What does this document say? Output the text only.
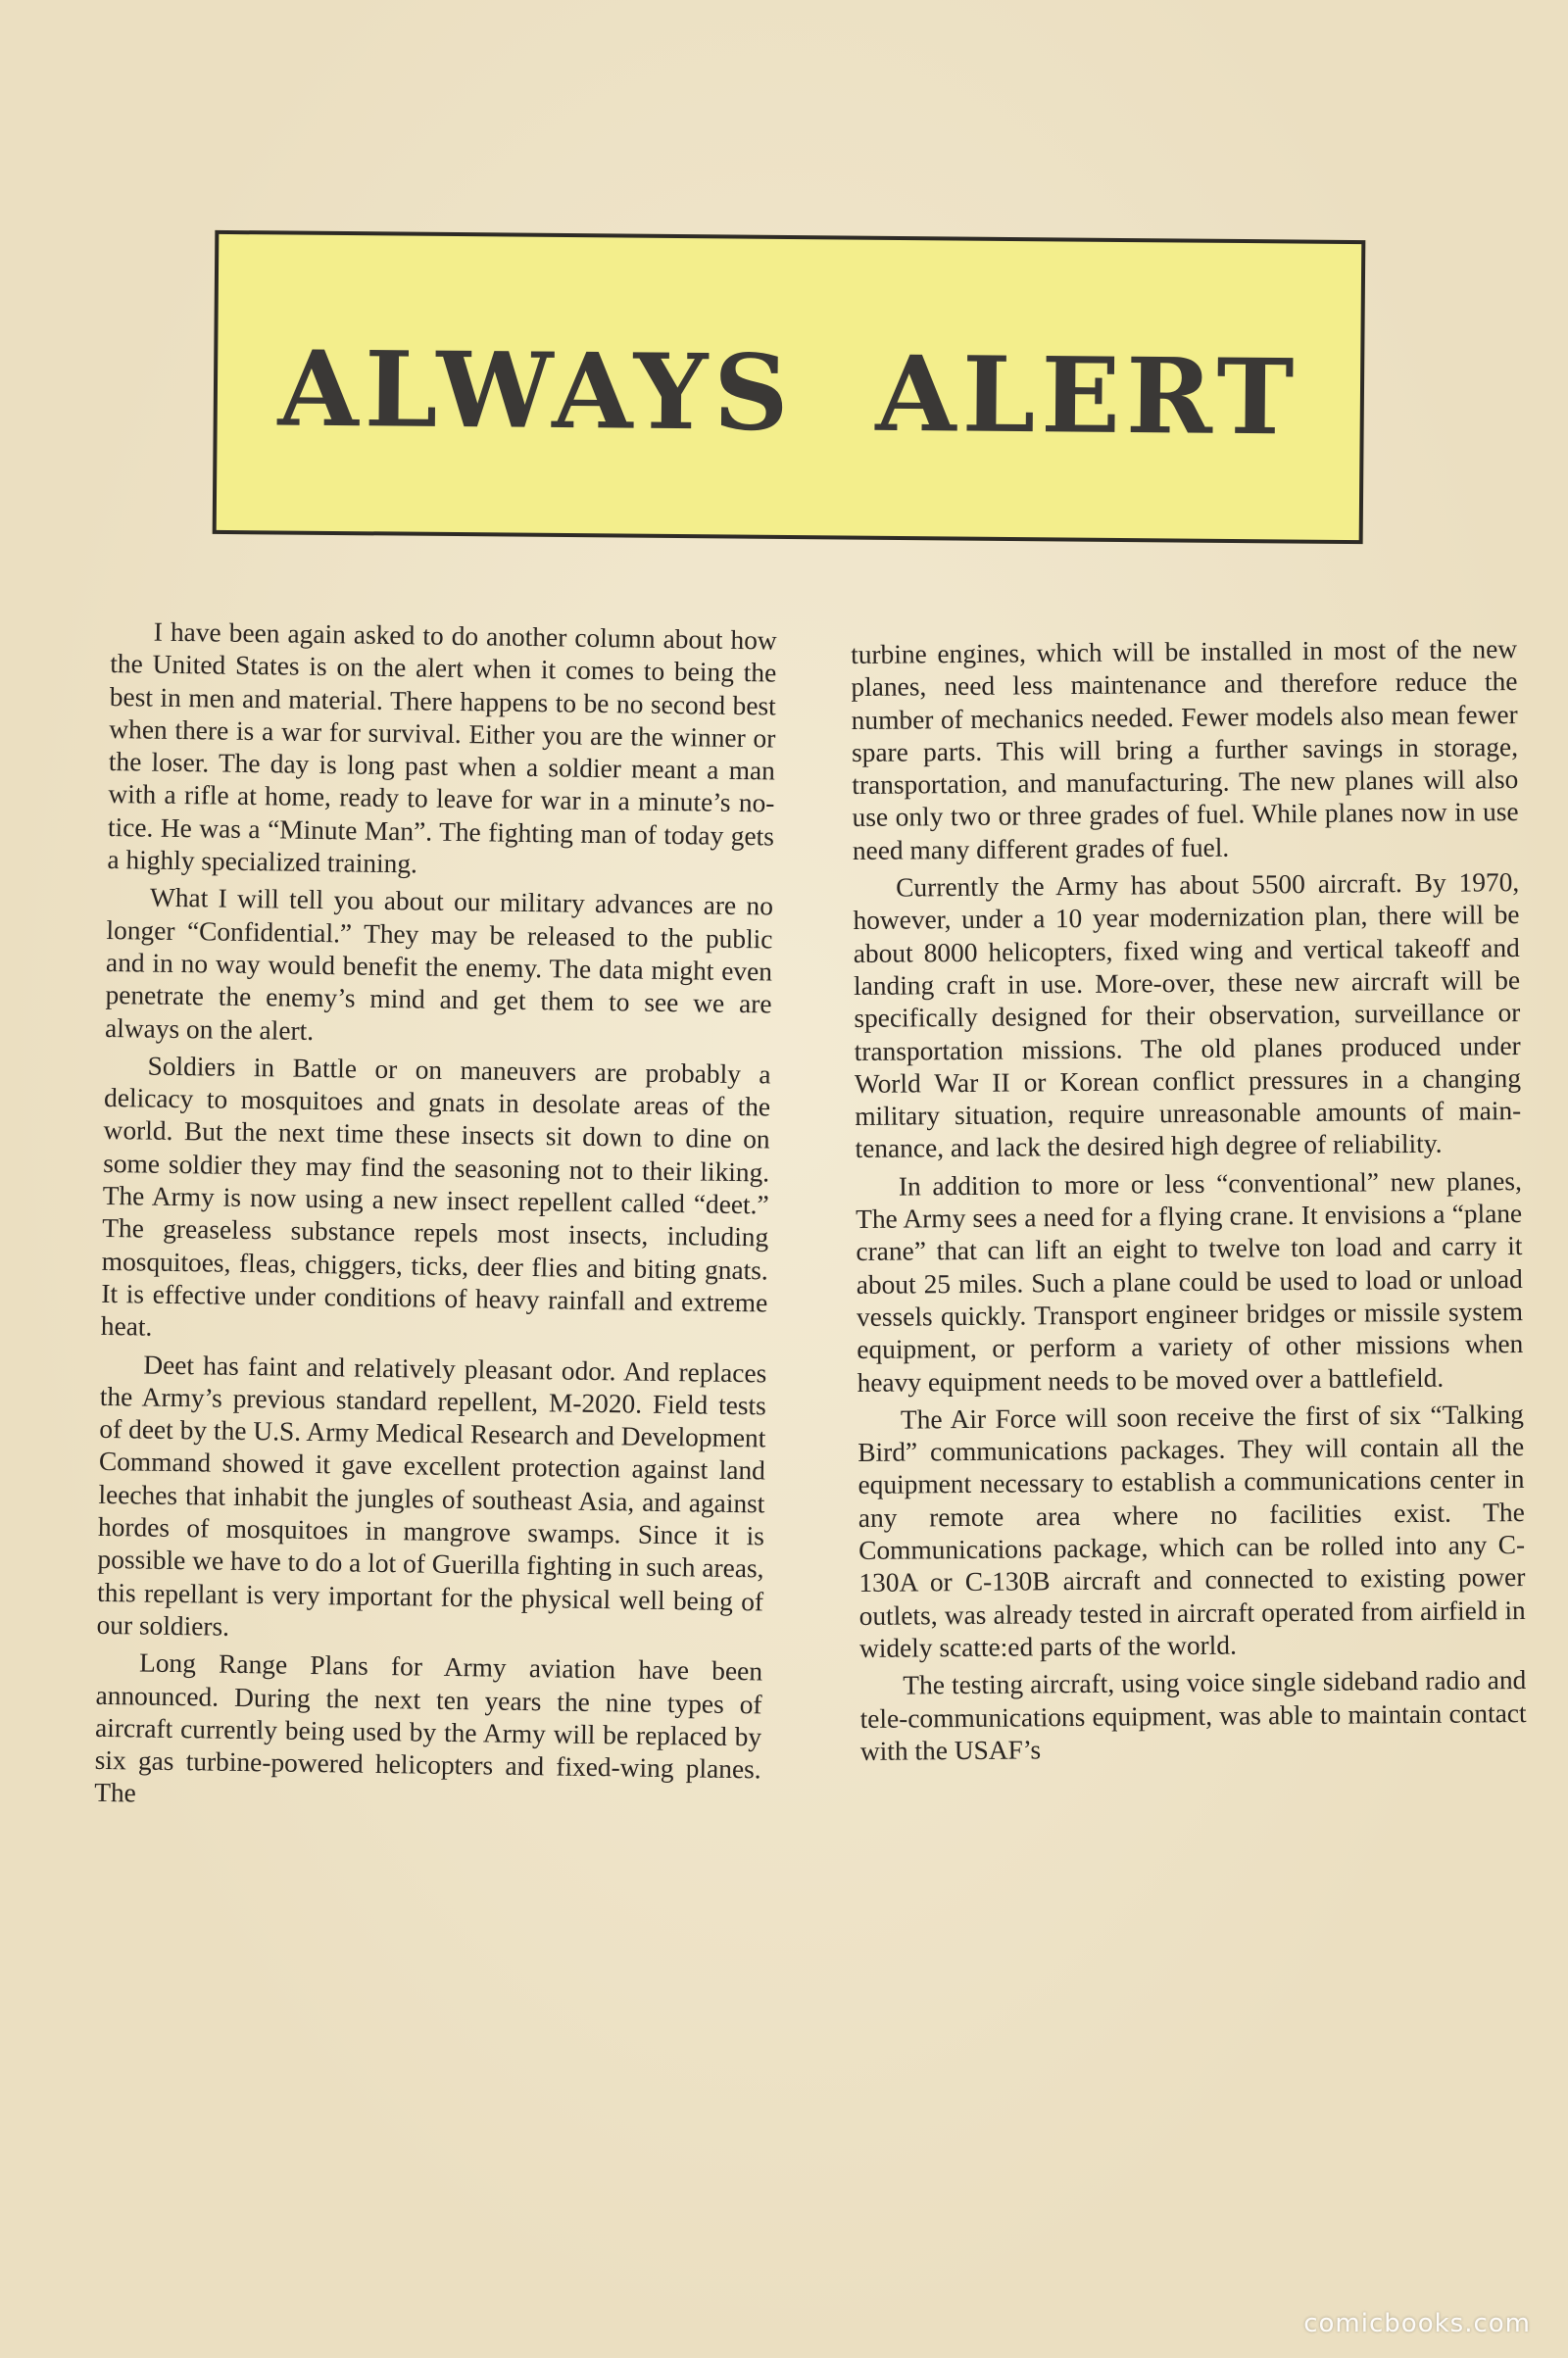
ALWAYS ALERT

I have been again asked to do another column about how the United States is on the alert when it comes to being the best in men and material. There happens to be no second best when there is a war for survival. Either you are the winner or the loser. The day is long past when a soldier meant a man with a rifle at home, ready to leave for war in a minute’s notice. He was a “Minute Man”. The fighting man of today gets a highly specialized training.

What I will tell you about our military advances are no longer “Confidential.” They may be released to the public and in no way would benefit the enemy. The data might even penetrate the enemy’s mind and get them to see we are always on the alert.

Soldiers in Battle or on maneuvers are probably a delicacy to mosquitoes and gnats in desolate areas of the world. But the next time these insects sit down to dine on some soldier they may find the seasoning not to their liking. The Army is now using a new insect repellent called “deet.” The greaseless substance repels most insects, including mosquitoes, fleas, chiggers, ticks, deer flies and biting gnats. It is effective under conditions of heavy rainfall and extreme heat.

Deet has faint and relatively pleasant odor. And replaces the Army’s previous standard repellent, M-2020. Field tests of deet by the U.S. Army Medical Research and Development Command showed it gave excellent protection against land leeches that inhabit the jungles of southeast Asia, and against hordes of mosquitoes in mangrove swamps. Since it is possible we have to do a lot of Guerilla fighting in such areas, this repellant is very important for the physical well being of our soldiers.

Long Range Plans for Army aviation have been announced. During the next ten years the nine types of aircraft currently being used by the Army will be replaced by six gas turbine-powered helicopters and fixed-wing planes. The

turbine engines, which will be installed in most of the new planes, need less maintenance and therefore reduce the number of mechanics needed. Fewer models also mean fewer spare parts. This will bring a further savings in storage, transportation, and manufacturing. The new planes will also use only two or three grades of fuel. While planes now in use need many different grades of fuel.

Currently the Army has about 5500 aircraft. By 1970, however, under a 10 year modernization plan, there will be about 8000 helicopters, fixed wing and vertical takeoff and landing craft in use. More-over, these new aircraft will be specifically designed for their observation, surveillance or transportation missions. The old planes produced under World War II or Korean conflict pressures in a changing military situation, require unreasonable amounts of maintenance, and lack the desired high degree of reliability.

In addition to more or less “conventional” new planes, The Army sees a need for a flying crane. It envisions a “plane crane” that can lift an eight to twelve ton load and carry it about 25 miles. Such a plane could be used to load or unload vessels quickly. Transport engineer bridges or missile system equipment, or perform a variety of other missions when heavy equipment needs to be moved over a battlefield.

The Air Force will soon receive the first of six “Talking Bird” communications packages. They will contain all the equipment necessary to establish a communications center in any remote area where no facilities exist. The Communications package, which can be rolled into any C-130A or C-130B aircraft and connected to existing power outlets, was already tested in aircraft operated from airfield in widely scatte:ed parts of the world.

The testing aircraft, using voice single sideband radio and tele-communications equipment, was able to maintain contact with the USAF’s

comicbooks.com
